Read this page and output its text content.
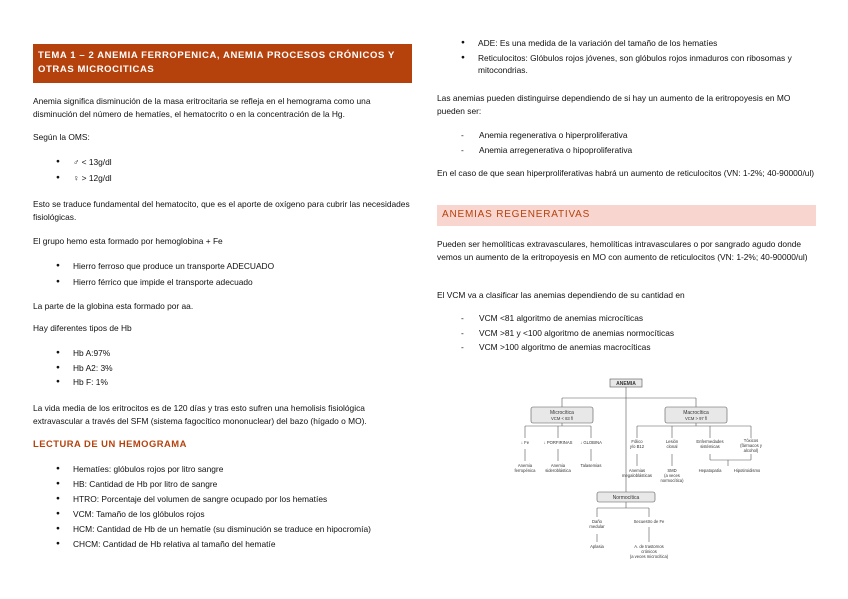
TEMA 1 – 2 ANEMIA FERROPENICA, ANEMIA PROCESOS CRÓNICOS Y OTRAS MICROCITICAS
Anemia significa disminución de la masa eritrocitaria se refleja en el hemograma como una disminución del número de hematíes, el hematocrito o en la concentración de la Hg.
Según la OMS:
● ♂ < 13g/dl
● ♀ > 12g/dl
Esto se traduce fundamental del hematocito, que es el aporte de oxígeno para cubrir las necesidades fisiológicas.
El grupo hemo esta formado por hemoglobina + Fe
● Hierro ferroso que produce un transporte ADECUADO
● Hierro férrico que impide el transporte adecuado
La parte de la globina esta formado por aa.
Hay diferentes tipos de Hb
● Hb A:97%
● Hb A2: 3%
● Hb F: 1%
La vida media de los eritrocitos es de 120 días y tras esto sufren una hemolisis fisiológica extravascular a través del SFM (sistema fagocítico mononuclear) del bazo (hígado o MO).
LECTURA DE UN HEMOGRAMA
● Hematíes: glóbulos rojos por litro sangre
● HB: Cantidad de Hb por litro de sangre
● HTRO: Porcentaje del volumen de sangre ocupado por los hematíes
● VCM: Tamaño de los glóbulos rojos
● HCM: Cantidad de Hb de un hematíe (su disminución se traduce en hipocromía)
● CHCM: Cantidad de Hb relativa al tamaño del hematíe
● ADE: Es una medida de la variación del tamaño de los hematíes
● Reticulocitos: Glóbulos rojos jóvenes, son glóbulos rojos inmaduros con ribosomas y mitocondrias.
Las anemias pueden distinguirse dependiendo de si hay un aumento de la eritropoyesis en MO pueden ser:
- Anemia regenerativa o hiperproliferativa
- Anemia arregenerativa o hipoproliferativa
En el caso de que sean hiperproliferativas habrá un aumento de reticulocitos (VN: 1-2%; 40-90000/ul)
ANEMIAS REGENERATIVAS
Pueden ser hemolíticas extravasculares, hemolíticas intravasculares o por sangrado agudo donde vemos un aumento de la eritropoyesis en MO con aumento de reticulocitos (VN: 1-2%; 40-90000/ul)
El VCM va a clasificar las anemias dependiendo de su cantidad en
- VCM <81 algoritmo de anemias microcíticas
- VCM >81 y <100 algoritmo de anemias normocíticas
- VCM >100 algoritmo de anemias macrocíticas
ANEMIA
Microcítica
VCM < 83 fl
Macrocítica
VCM > 97 fl
Normocítica
↓ Fe	↓ PORFIRINAS ↓ GLOBINA
Anemia
ferropénica
Anemia
sideroblástica
Talasemias
Fólico
y/o B12
Lesión
clonal
Enfermedades
sistémicas
Tóxicos
(fármacos y
alcohol)
Anemias
megaloblásticas
SMD
(a veces
normocítica)
Hepatopatía	Hipotiroidismo
Daño
medular
Secuestro de Fe
Aplasia	A. de trastornos
crónicos
(a veces microcítica)
